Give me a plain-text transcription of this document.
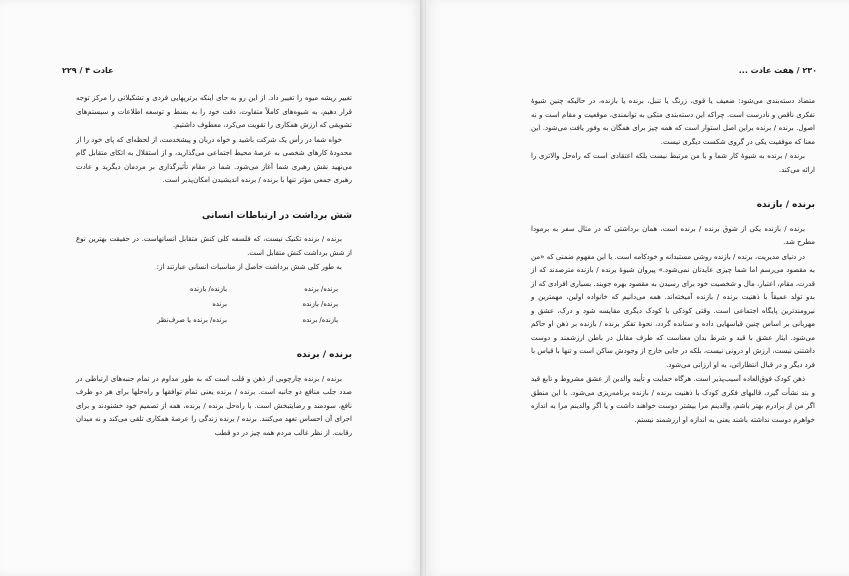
عادت ۴ / ۲۲۹

تغییر ریشه میوه را تغییر داد. از این رو به جای اینکه برترپهایی فردی و تشکیلاتی را مرکز توجه قرار دهیم، به شیوه‌های کاملاً متفاوت، دقت خود را به بسط و توسعه اطلاعات و سیستم‌های تشویقی که ارزش همکاری را تقویت می‌کرد، معطوف داشتیم.

خواه شما در رأس یک شرکت باشید و خواه دربان و پیشخدمت، از لحظه‌ای که پای خود را از محدودهٔ کارهای شخصی به عرصهٔ محیط اجتماعی می‌گذارید، و از استقلال به اتکای متقابل گام می‌نهید نقش رهبری شما آغاز می‌شود. شما در مقام تأثیرگذاری بر مردمان دیگرید و عادت رهبری جمعی مؤثر تنها با برنده / برنده اندیشیدن امکان‌پذیر است.

شش برداشت در ارتباطات انسانی

برنده / برنده تکنیک نیست، که فلسفه کلی کنش متقابل انسانهاست. در حقیقت بهترین نوع از شش برداشت کنش متقابل است.

به طور کلی شش برداشت حاصل از مناسبات انسانی عبارتند از:

برنده/ برنده
بازنده/ بازنده
برنده/ بازنده
برنده
بازنده/ برنده
برنده/ برنده یا صرف‌نظر
برنده / برنده

برنده / برنده چارچوبی از ذهن و قلب است که به طور مداوم در تمام جنبه‌های ارتباطی در صدد جلب منافع دو جانبه است. برنده / برنده یعنی تمام توافقها و راه‌حلها برای هر دو طرف نافع، سودمند و رضایتبخش است. با راه‌حل برنده / برنده، همه از تصمیم خود خشنودند و برای اجرای آن احساس تعهد می‌کنند. برنده / برنده زندگی را عرصهٔ همکاری تلقی می‌کند و نه میدان رقابت. از نظر غالب مردم همه چیز در دو قطب

۲۳۰ / هفت عادت ...

متضاد دسته‌بندی می‌شود: ضعیف یا قوی، زرنگ یا تنبل، برنده یا بازنده، در حالیکه چنین شیوهٔ تفکری ناقص و نادرست است. چراکه این دسته‌بندی متکی به توانمندی، موقعیت و مقام است و نه اصول. برنده / برنده براین اصل استوار است که همه چیز برای همگان به وفور یافت می‌شود. این معنا که موفقیت یکی در گروی شکست دیگری نیست.

برنده / برنده به شیوهٔ کار شما و یا من مرتبط نیست بلکه اعتقادی است که راه‌حل والاتری را ارائه می‌کند.

برنده / بازنده

برنده / بازنده یکی از شوق برنده / برنده است، همان برداشتی که در مثال سفر به برمودا مطرح شد.

در دنیای مدیریت، برنده / بازنده روشی مستبدانه و خودکامه است. با این مفهوم ضمنی که «من به مقصود می‌رسم اما شما چیزی عایدتان نمی‌شود.» پیروان شیوهٔ برنده / بازنده مترصدند که از قدرت، مقام، اعتبار، مال و شخصیت خود برای رسیدن به مقصود بهره جویند. بسیاری افرادی که از بدو تولد عمیقاً با ذهنیت برنده / بازنده آمیخته‌اند. همه می‌دانیم که خانواده اولین، مهمترین و نیرومندترین پایگاه اجتماعی است. وقتی کودکی با کودک دیگری مقایسه شود و درک، عشق و مهربانی بر اساس چنین قیاسهایی داده و ستانده گردد، نحوهٔ تفکر برنده / بازنده بر ذهن او حاکم می‌شود. ایثار عشق با قید و شرط بدان معناست که طرف مقابل در باطن ارزشمند و دوست داشتنی نیست، ارزش او درونی نیست، بلکه در جایی خارج از وجودش ساکن است و تنها با قیاس با فرد دیگر و در قبال انتظاراتی، به او ارزانی می‌شود.

ذهن کودک فوق‌العاده آسیب‌پذیر است. هرگاه حمایت و تأیید والدین از عشق مشروط و تابع قید و بند نشأت گیرد، قالبهای فکری کودک با ذهنیت برنده / بازنده برنامه‌ریزی می‌شود. با این منطق اگر من از برادرم بهتر باشم، والدینم مرا بیشتر دوست خواهند داشت و یا اگر والدینم مرا به اندازه خواهرم دوست نداشته باشند یعنی به اندازه او ارزشمند نیستم.
